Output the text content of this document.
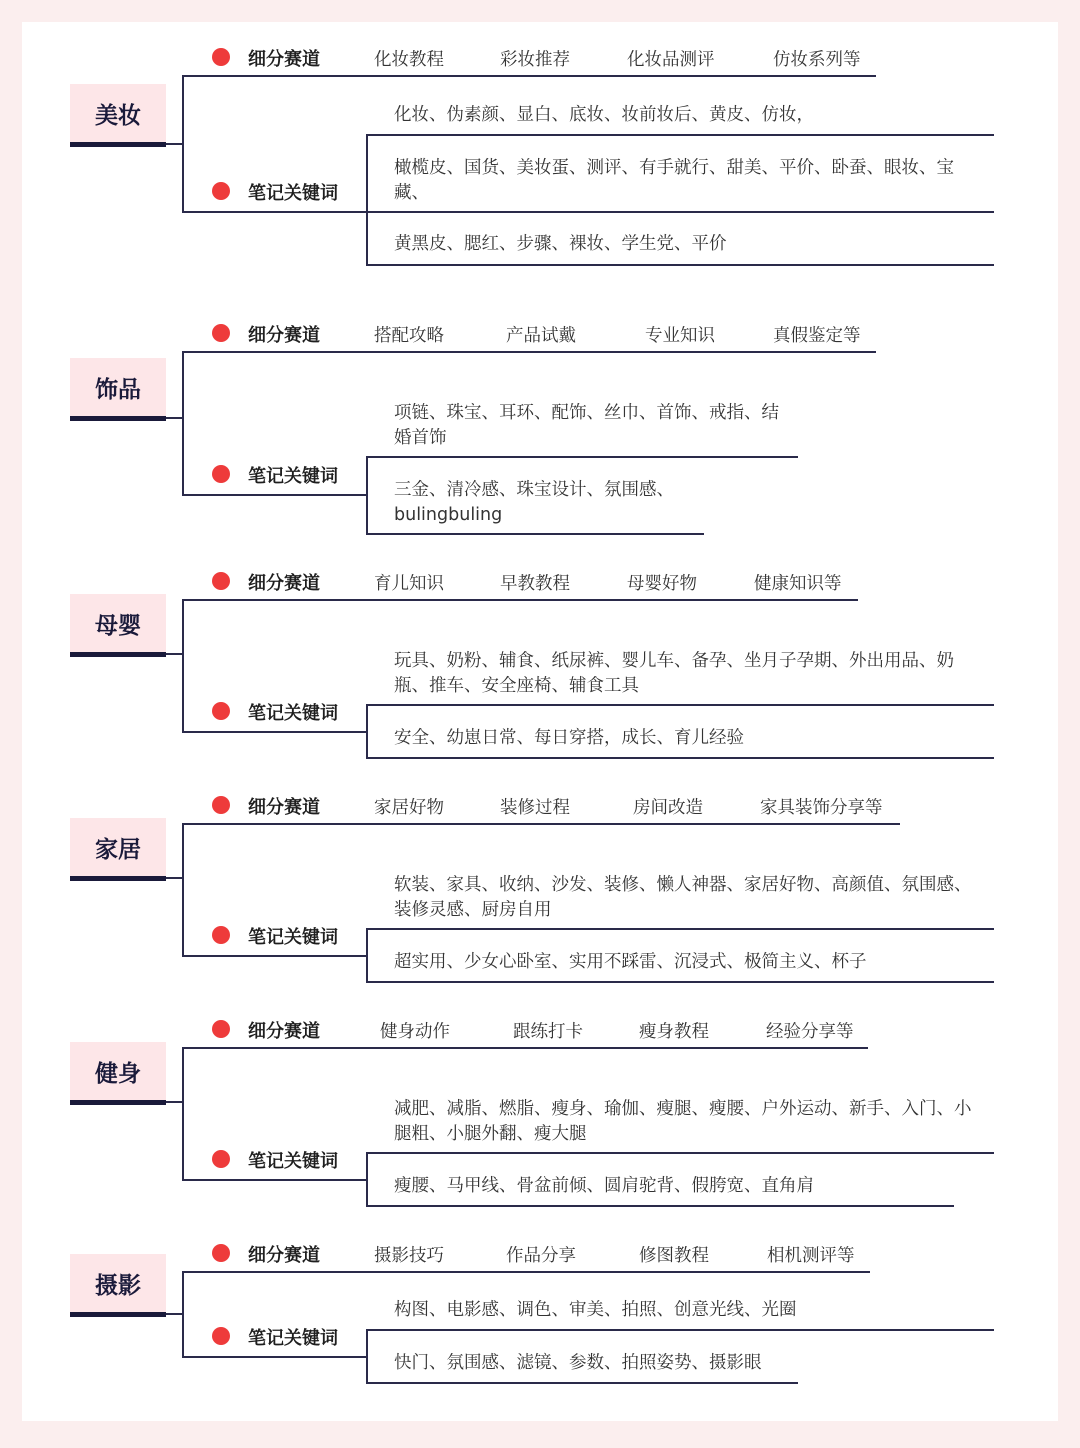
美妆
细分赛道
笔记关键词
化妆教程	彩妆推荐	化妆品测评	仿妆系列等
化妆、伪素颜、显白、底妆、妆前妆后、黄皮、仿妆，
橄榄皮、国货、美妆蛋、测评、有手就行、甜美、平价、卧蚕、眼妆、宝藏、
黄黑皮、腮红、步骤、裸妆、学生党、平价
饰品
细分赛道
笔记关键词
搭配攻略	产品试戴	专业知识	真假鉴定等
项链、珠宝、耳环、配饰、丝巾、首饰、戒指、结婚首饰
三金、清冷感、珠宝设计、氛围感、bulingbuling
母婴
细分赛道
笔记关键词
育儿知识	早教教程	母婴好物	健康知识等
玩具、奶粉、辅食、纸尿裤、婴儿车、备孕、坐月子孕期、外出用品、奶瓶、推车、安全座椅、辅食工具
安全、幼崽日常、每日穿搭，成长、育儿经验
家居
细分赛道
笔记关键词
家居好物	装修过程	房间改造	家具装饰分享等
软装、家具、收纳、沙发、装修、懒人神器、家居好物、高颜值、氛围感、装修灵感、厨房自用
超实用、少女心卧室、实用不踩雷、沉浸式、极简主义、杯子
健身
细分赛道
笔记关键词
健身动作	跟练打卡	瘦身教程	经验分享等
减肥、减脂、燃脂、瘦身、瑜伽、瘦腿、瘦腰、户外运动、新手、入门、小腿粗、小腿外翻、瘦大腿
瘦腰、马甲线、骨盆前倾、圆肩驼背、假胯宽、直角肩
摄影
细分赛道
笔记关键词
摄影技巧	作品分享	修图教程	相机测评等
构图、电影感、调色、审美、拍照、创意光线、光圈
快门、氛围感、滤镜、参数、拍照姿势、摄影眼
